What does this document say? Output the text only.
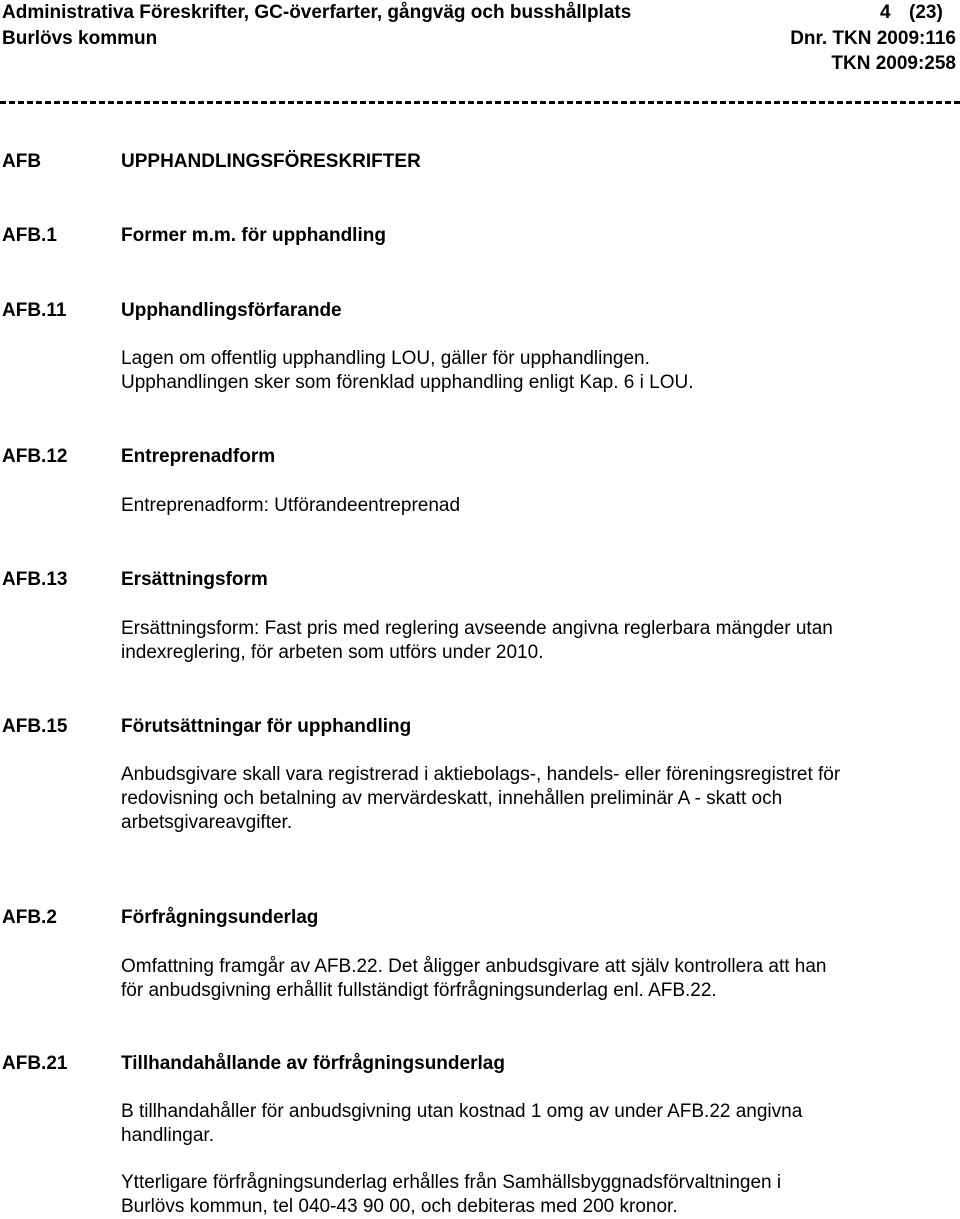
Administrativa Föreskrifter, GC-överfarter, gångväg och busshållplats	4 (23)
Burlövs kommun	Dnr. TKN 2009:116
TKN 2009:258
AFB	UPPHANDLINGSFÖRESKRIFTER
AFB.1	Former m.m. för upphandling
AFB.11	Upphandlingsförfarande
Lagen om offentlig upphandling LOU, gäller för upphandlingen.
Upphandlingen sker som förenklad upphandling enligt Kap. 6 i LOU.
AFB.12	Entreprenadform
Entreprenadform: Utförandeentreprenad
AFB.13	Ersättningsform
Ersättningsform: Fast pris med reglering avseende angivna reglerbara mängder utan
indexreglering, för arbeten som utförs under 2010.
AFB.15	Förutsättningar för upphandling
Anbudsgivare skall vara registrerad i aktiebolags-, handels- eller föreningsregistret för
redovisning och betalning av mervärdeskatt, innehållen preliminär A - skatt och
arbetsgivareavgifter.
AFB.2	Förfrågningsunderlag
Omfattning framgår av AFB.22. Det åligger anbudsgivare att själv kontrollera att han
för anbudsgivning erhållit fullständigt förfrågningsunderlag enl. AFB.22.
AFB.21	Tillhandahållande av förfrågningsunderlag
B tillhandahåller för anbudsgivning utan kostnad 1 omg av under AFB.22 angivna
handlingar.
Ytterligare förfrågningsunderlag erhålles från Samhällsbyggnadsförvaltningen i
Burlövs kommun, tel 040-43 90 00, och debiteras med 200 kronor.
